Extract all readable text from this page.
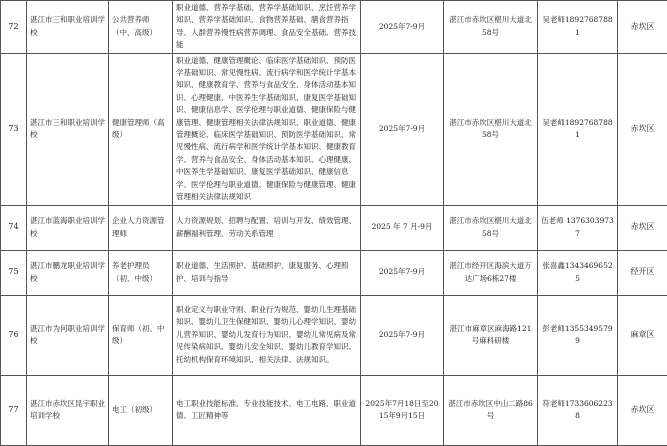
72	湛江市三和职业培训学校	公共营养师（中、高级）	职业道德、营养学基础、营养学基础知识、烹饪营养学知识、营养学基础知识、食物营养基础、膳食营养指导、人群营养慢性病营养调理、食品安全基础、营养技能	2025年7-9月	湛江市赤坎区椹川大道北58号	吴老师18927687881	赤坎区
73	湛江市三和职业培训学校	健康管理师（高级）	职业道德、健康管理概论、临床医学基础知识、预防医学基础知识、常见慢性病、流行病学和医学统计学基本知识、健康教育学、营养与食品安全、身体活动基本知识、心理健康、中医养生学基础知识、康复医学基础知识、健康信息学、医学伦理与职业道德、健康保险与健康管理、健康管理相关法律法规知识、职业道德、健康管理概论、临床医学基础知识、预防医学基础知识、常见慢性病、流行病学和医学统计学基本知识、健康教育学、营养与食品安全、身体活动基本知识、心理健康、中医养生学基础知识、康复医学基础知识、健康信息学、医学伦理与职业道德、健康保险与健康管理、健康管理相关法律法规知识	2025年7-9月	湛江市赤坎区椹川大道北58号	吴老师18927687881	赤坎区
74	湛江市蓝海职业培训学校	企业人力资源管理师	人力资源规划、招聘与配置、培训与开发、绩效管理、薪酬福利管理、劳动关系管理	2025 年 7 月-9月	湛江市赤坎区椹川大道北58号	伍老师 13763039737	赤坎区
75	湛江市鹏龙职业培训学校	养老护理员（初、中级）	职业道德、生活照护、基础照护、康复服务、心理照护、培训与指导	2025年7-9月	湛江市经开区海滨大道万达广场6栋27楼	张喜鑫13434696525	经开区
76	湛江市为何职业培训学校	保育师（初、中级）	职业定义与职业守则、职业行为规范、婴幼儿生理基础知识、婴幼儿卫生保健知识、婴幼儿心理学知识、婴幼儿营养知识、婴幼儿发育行为知识、婴幼儿常见病及常见传染病知识、婴幼儿安全知识、婴幼儿教育学知识、托幼机构保育环境知识、相关法律、法规知识。	2025年7-9月	湛江市麻章区麻海路121号麻科研楼	彭老师13553495799	麻章区
77	湛江市赤坎区昆宇职业培训学校	电工（初级）	电工职业技能标准、专业技能技术、电工电路、职业道德、工匠精神等	2025年7月18日至2015年9月15日	湛江市赤坎区中山二路86号	符老师17336062238	赤坎区
